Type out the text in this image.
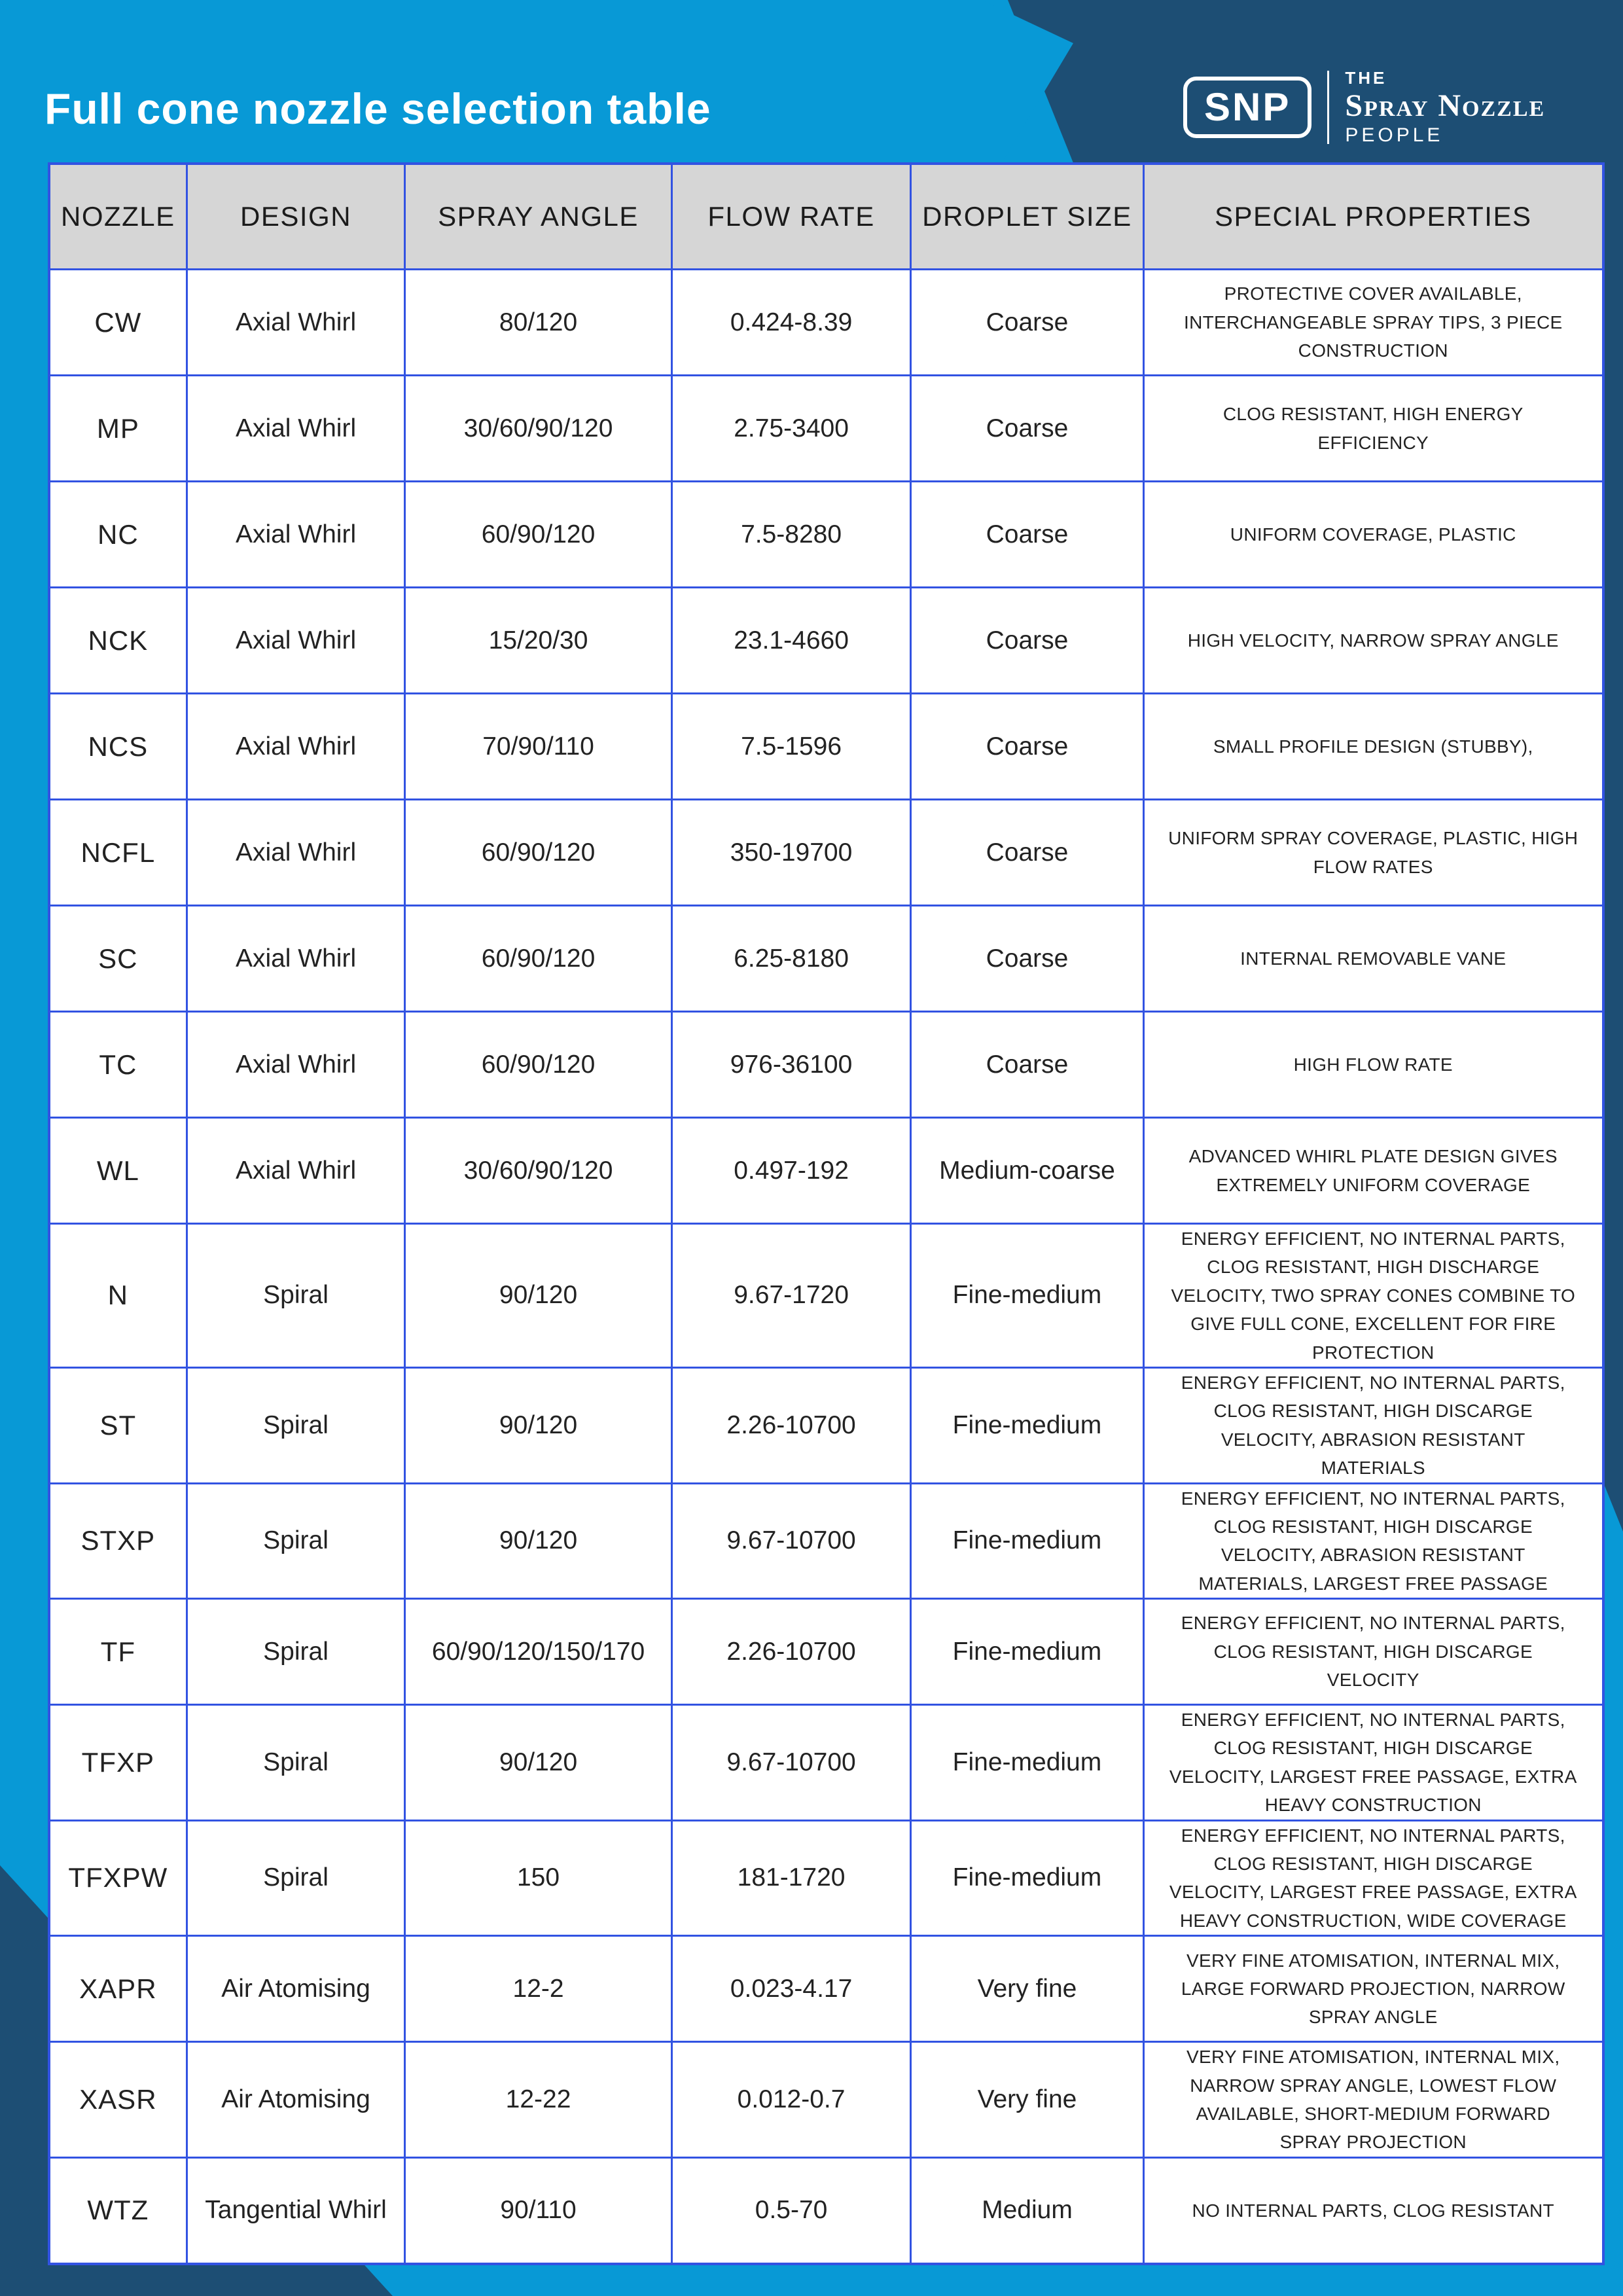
Full cone nozzle selection table	SNP
THE
Spray Nozzle
PEOPLE
NOZZLE	DESIGN	SPRAY ANGLE	FLOW RATE	DROPLET SIZE	SPECIAL PROPERTIES
CW	Axial Whirl	80/120	0.424-8.39	Coarse	PROTECTIVE COVER AVAILABLE, INTERCHANGEABLE SPRAY TIPS, 3 PIECE CONSTRUCTION
MP	Axial Whirl	30/60/90/120	2.75-3400	Coarse	CLOG RESISTANT, HIGH ENERGY EFFICIENCY
NC	Axial Whirl	60/90/120	7.5-8280	Coarse	UNIFORM COVERAGE, PLASTIC
NCK	Axial Whirl	15/20/30	23.1-4660	Coarse	HIGH VELOCITY, NARROW SPRAY ANGLE
NCS	Axial Whirl	70/90/110	7.5-1596	Coarse	SMALL PROFILE DESIGN (STUBBY),
NCFL	Axial Whirl	60/90/120	350-19700	Coarse	UNIFORM SPRAY COVERAGE, PLASTIC, HIGH FLOW RATES
SC	Axial Whirl	60/90/120	6.25-8180	Coarse	INTERNAL REMOVABLE VANE
TC	Axial Whirl	60/90/120	976-36100	Coarse	HIGH FLOW RATE
WL	Axial Whirl	30/60/90/120	0.497-192	Medium-coarse	ADVANCED WHIRL PLATE DESIGN GIVES EXTREMELY UNIFORM COVERAGE
N	Spiral	90/120	9.67-1720	Fine-medium	ENERGY EFFICIENT, NO INTERNAL PARTS, CLOG RESISTANT, HIGH DISCHARGE VELOCITY, TWO SPRAY CONES COMBINE TO GIVE FULL CONE, EXCELLENT FOR FIRE PROTECTION
ST	Spiral	90/120	2.26-10700	Fine-medium	ENERGY EFFICIENT, NO INTERNAL PARTS, CLOG RESISTANT, HIGH DISCARGE VELOCITY, ABRASION RESISTANT MATERIALS
STXP	Spiral	90/120	9.67-10700	Fine-medium	ENERGY EFFICIENT, NO INTERNAL PARTS, CLOG RESISTANT, HIGH DISCARGE VELOCITY, ABRASION RESISTANT MATERIALS, LARGEST FREE PASSAGE
TF	Spiral	60/90/120/150/170	2.26-10700	Fine-medium	ENERGY EFFICIENT, NO INTERNAL PARTS, CLOG RESISTANT, HIGH DISCARGE VELOCITY
TFXP	Spiral	90/120	9.67-10700	Fine-medium	ENERGY EFFICIENT, NO INTERNAL PARTS, CLOG RESISTANT, HIGH DISCARGE VELOCITY, LARGEST FREE PASSAGE, EXTRA HEAVY CONSTRUCTION
TFXPW	Spiral	150	181-1720	Fine-medium	ENERGY EFFICIENT, NO INTERNAL PARTS, CLOG RESISTANT, HIGH DISCARGE VELOCITY, LARGEST FREE PASSAGE, EXTRA HEAVY CONSTRUCTION, WIDE COVERAGE
XAPR	Air Atomising	12-2	0.023-4.17	Very fine	VERY FINE ATOMISATION, INTERNAL MIX, LARGE FORWARD PROJECTION, NARROW SPRAY ANGLE
XASR	Air Atomising	12-22	0.012-0.7	Very fine	VERY FINE ATOMISATION, INTERNAL MIX, NARROW SPRAY ANGLE, LOWEST FLOW AVAILABLE, SHORT-MEDIUM FORWARD SPRAY PROJECTION
WTZ	Tangential Whirl	90/110	0.5-70	Medium	NO INTERNAL PARTS, CLOG RESISTANT
